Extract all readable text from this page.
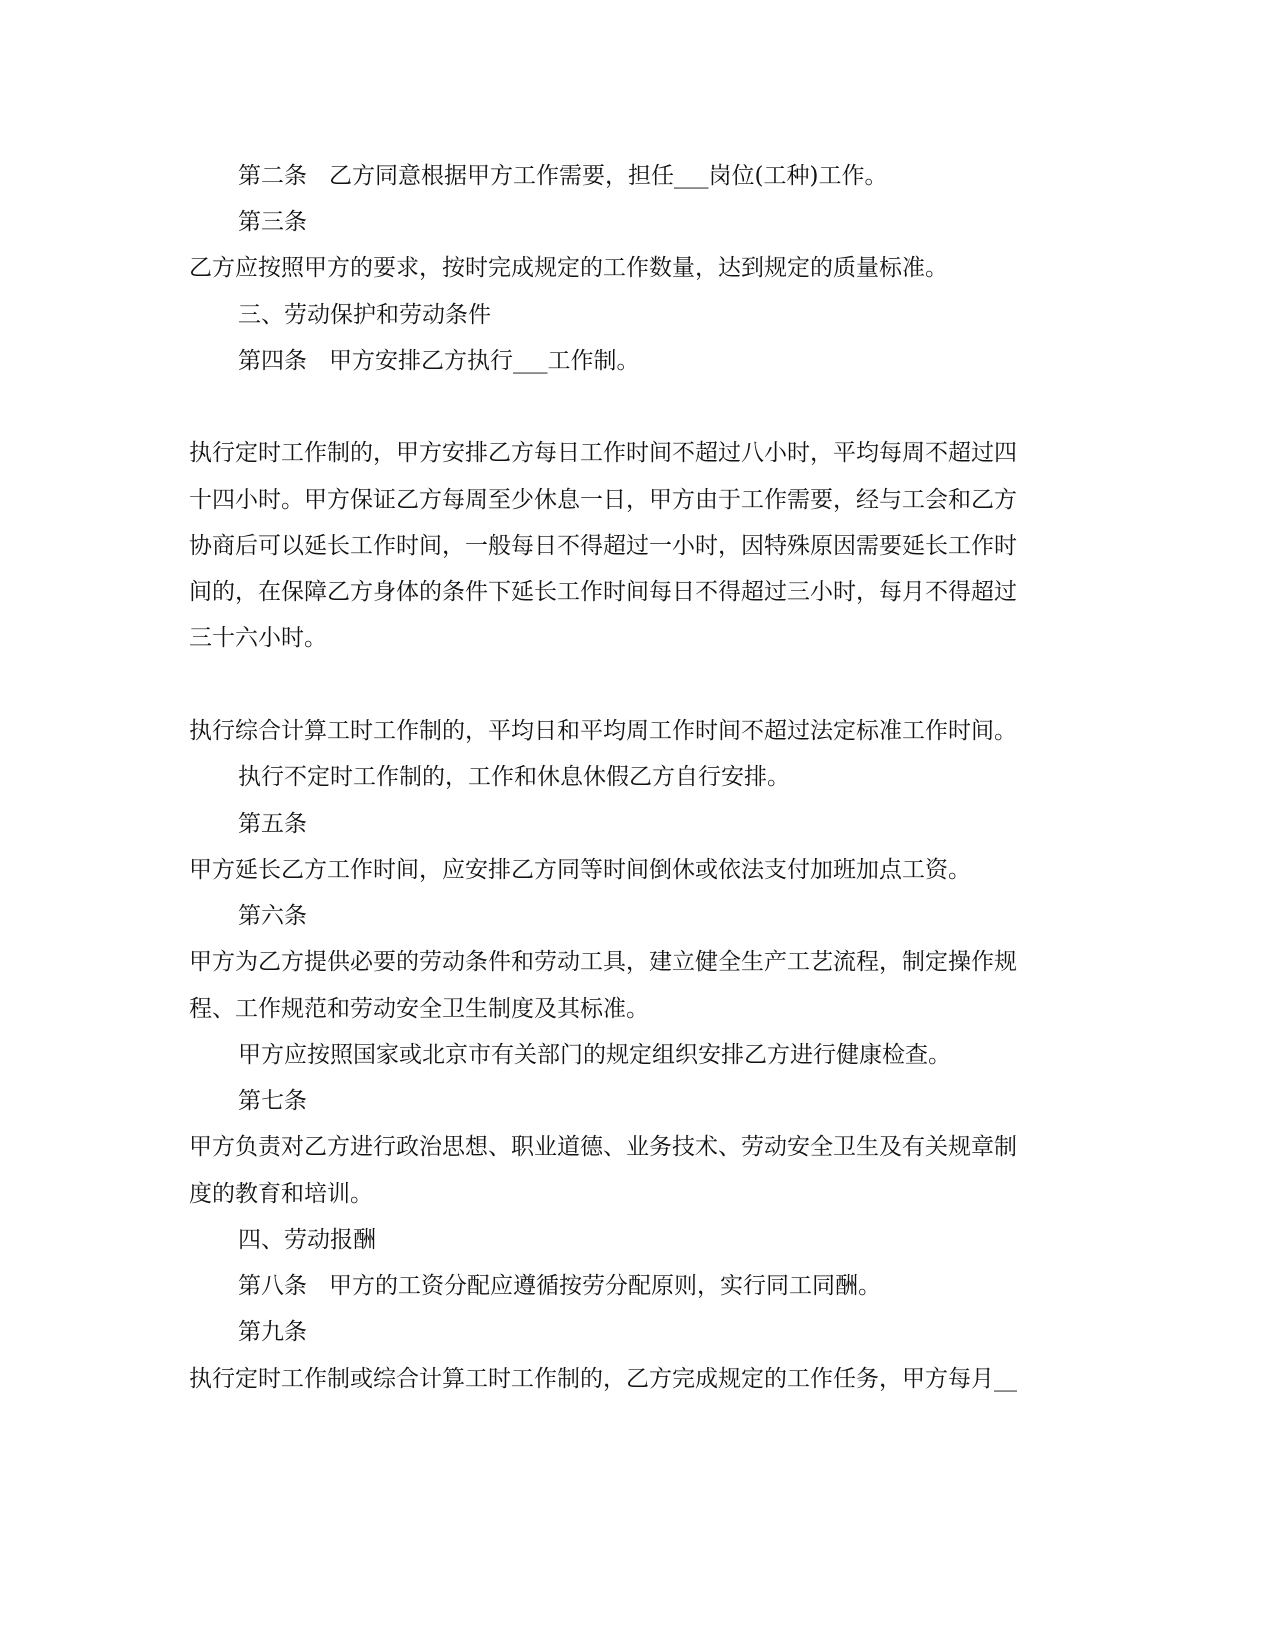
第二条 乙方同意根据甲方工作需要，担任___岗位(工种)工作。
第三条
乙方应按照甲方的要求，按时完成规定的工作数量，达到规定的质量标准。
三、劳动保护和劳动条件
第四条 甲方安排乙方执行___工作制。
执行定时工作制的，甲方安排乙方每日工作时间不超过八小时，平均每周不超过四
十四小时。甲方保证乙方每周至少休息一日，甲方由于工作需要，经与工会和乙方
协商后可以延长工作时间，一般每日不得超过一小时，因特殊原因需要延长工作时
间的，在保障乙方身体的条件下延长工作时间每日不得超过三小时，每月不得超过
三十六小时。
执行综合计算工时工作制的，平均日和平均周工作时间不超过法定标准工作时间。
执行不定时工作制的，工作和休息休假乙方自行安排。
第五条
甲方延长乙方工作时间，应安排乙方同等时间倒休或依法支付加班加点工资。
第六条
甲方为乙方提供必要的劳动条件和劳动工具，建立健全生产工艺流程，制定操作规
程、工作规范和劳动安全卫生制度及其标准。
甲方应按照国家或北京市有关部门的规定组织安排乙方进行健康检查。
第七条
甲方负责对乙方进行政治思想、职业道德、业务技术、劳动安全卫生及有关规章制
度的教育和培训。
四、劳动报酬
第八条 甲方的工资分配应遵循按劳分配原则，实行同工同酬。
第九条
执行定时工作制或综合计算工时工作制的，乙方完成规定的工作任务，甲方每月__
